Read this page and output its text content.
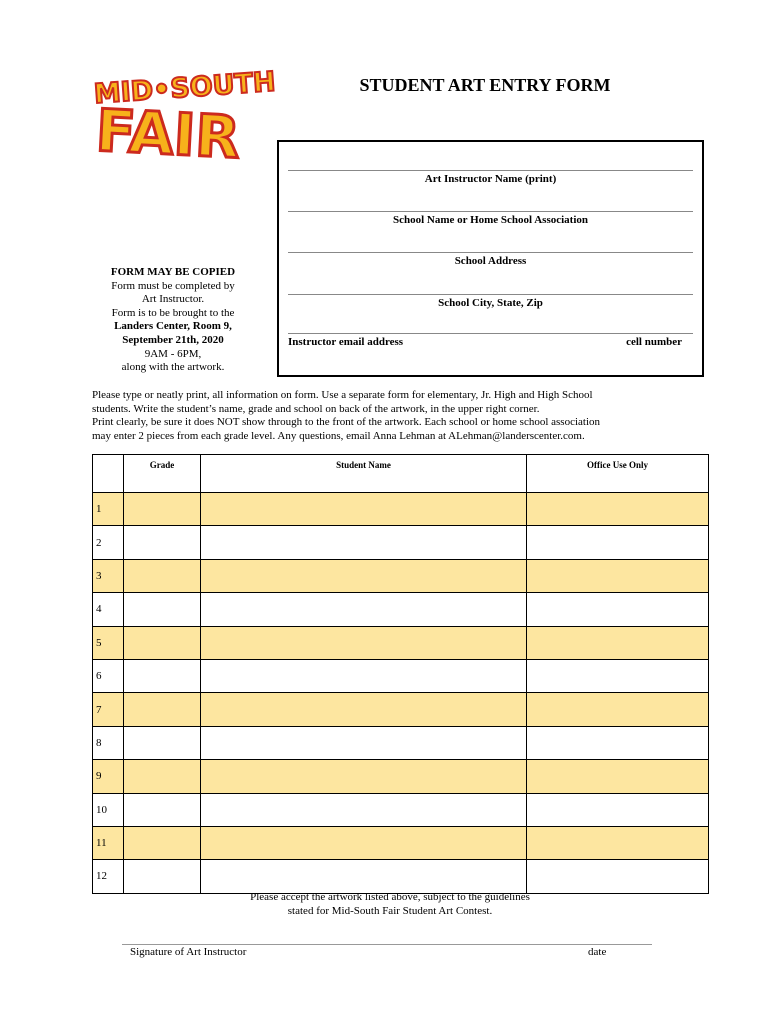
MID•SOUTH
FAIR
STUDENT ART ENTRY FORM
Art Instructor Name (print)
School Name or Home School Association
School Address
School City, State, Zip
Instructor email address	cell number
FORM MAY BE COPIED
Form must be completed by
Art Instructor.
Form is to be brought to the
Landers Center, Room 9,
September 21th, 2020
9AM - 6PM,
along with the artwork.
Please type or neatly print, all information on form. Use a separate form for elementary, Jr. High and High School
students. Write the student’s name, grade and school on back of the artwork, in the upper right corner.
Print clearly, be sure it does NOT show through to the front of the artwork. Each school or home school association
may enter 2 pieces from each grade level. Any questions, email Anna Lehman at ALehman@landerscenter.com.
	Grade	Student Name	Office Use Only
1			
2			
3			
4			
5			
6			
7			
8			
9			
10			
11			
12			
Please accept the artwork listed above, subject to the guidelines
stated for Mid-South Fair Student Art Contest.
Signature of Art Instructor	date
